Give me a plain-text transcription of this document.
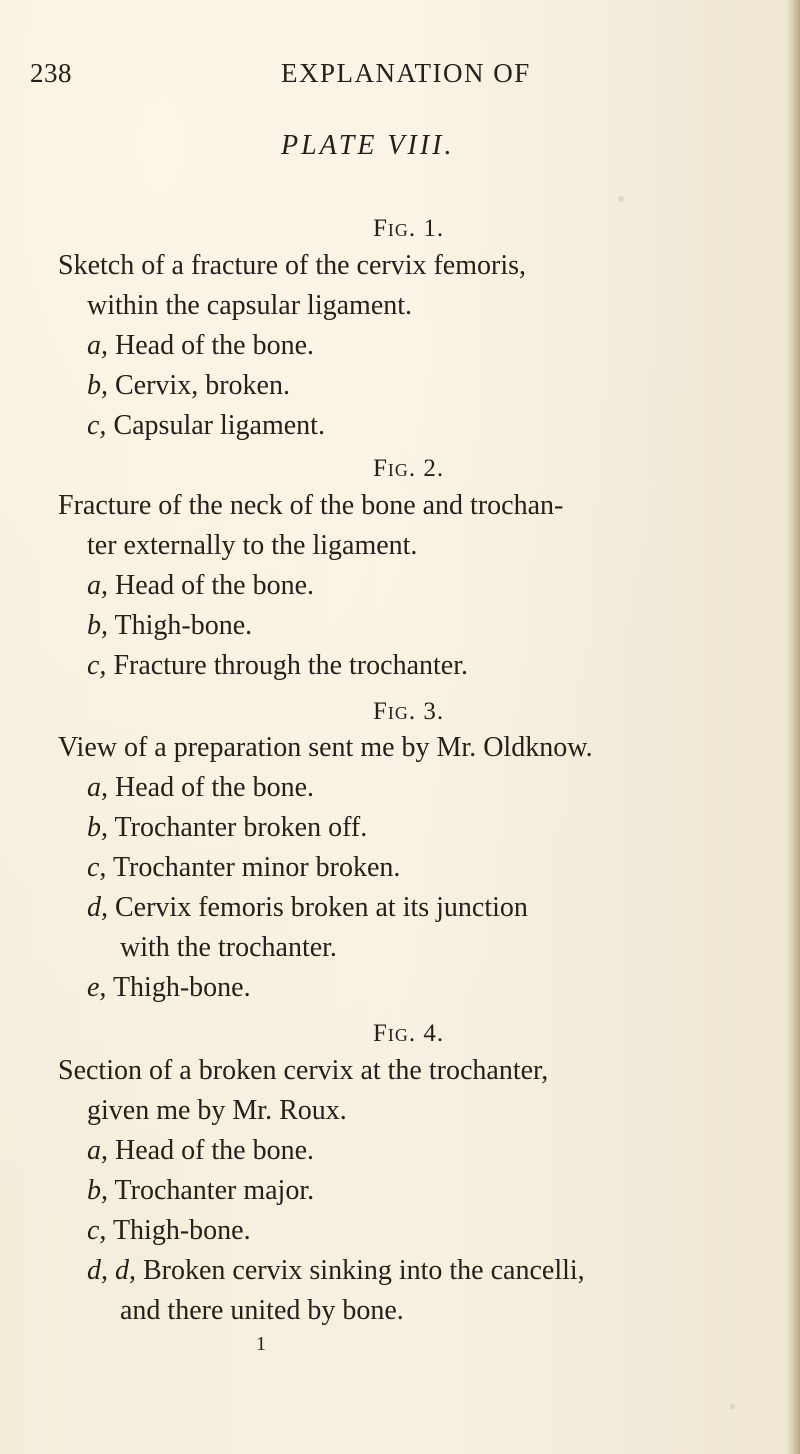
238	EXPLANATION OF
PLATE VIII.
Fig. 1.
Sketch of a fracture of the cervix femoris,
within the capsular ligament.
a, Head of the bone.
b, Cervix, broken.
c, Capsular ligament.
Fig. 2.
Fracture of the neck of the bone and trochan-
ter externally to the ligament.
a, Head of the bone.
b, Thigh-bone.
c, Fracture through the trochanter.
Fig. 3.
View of a preparation sent me by Mr. Oldknow.
a, Head of the bone.
b, Trochanter broken off.
c, Trochanter minor broken.
d, Cervix femoris broken at its junction
with the trochanter.
e, Thigh-bone.
Fig. 4.
Section of a broken cervix at the trochanter,
given me by Mr. Roux.
a, Head of the bone.
b, Trochanter major.
c, Thigh-bone.
d, d, Broken cervix sinking into the cancelli,
and there united by bone.
1
